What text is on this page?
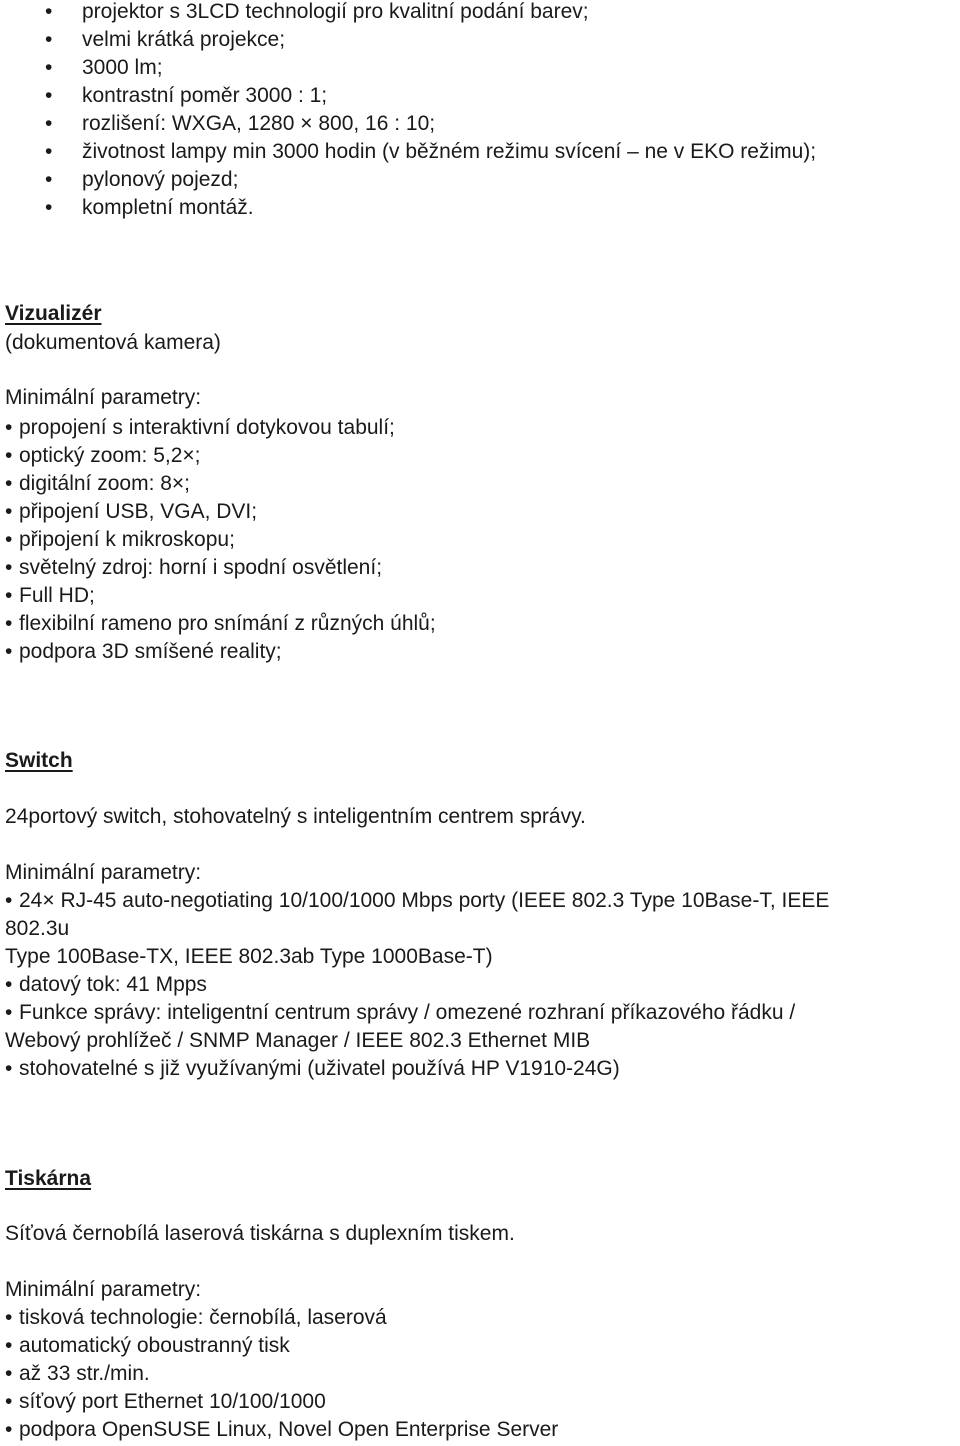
• projektor s 3LCD technologií pro kvalitní podání barev;
• velmi krátká projekce;
• 3000 lm;
• kontrastní poměr 3000 : 1;
• rozlišení: WXGA, 1280 × 800, 16 : 10;
• životnost lampy min 3000 hodin (v běžném režimu svícení – ne v EKO režimu);
• pylonový pojezd;
• kompletní montáž.
Vizualizér
(dokumentová kamera)
Minimální parametry:
• propojení s interaktivní dotykovou tabulí;
• optický zoom: 5,2×;
• digitální zoom: 8×;
• připojení USB, VGA, DVI;
• připojení k mikroskopu;
• světelný zdroj: horní i spodní osvětlení;
• Full HD;
• flexibilní rameno pro snímání z různých úhlů;
• podpora 3D smíšené reality;
Switch
24portový switch, stohovatelný s inteligentním centrem správy.
Minimální parametry:
• 24× RJ-45 auto-negotiating 10/100/1000 Mbps porty (IEEE 802.3 Type 10Base-T, IEEE
802.3u
Type 100Base-TX, IEEE 802.3ab Type 1000Base-T)
• datový tok: 41 Mpps
• Funkce správy: inteligentní centrum správy / omezené rozhraní příkazového řádku /
Webový prohlížeč / SNMP Manager / IEEE 802.3 Ethernet MIB
• stohovatelné s již využívanými (uživatel používá HP V1910-24G)
Tiskárna
Síťová černobílá laserová tiskárna s duplexním tiskem.
Minimální parametry:
• tisková technologie: černobílá, laserová
• automatický oboustranný tisk
• až 33 str./min.
• síťový port Ethernet 10/100/1000
• podpora OpenSUSE Linux, Novel Open Enterprise Server
